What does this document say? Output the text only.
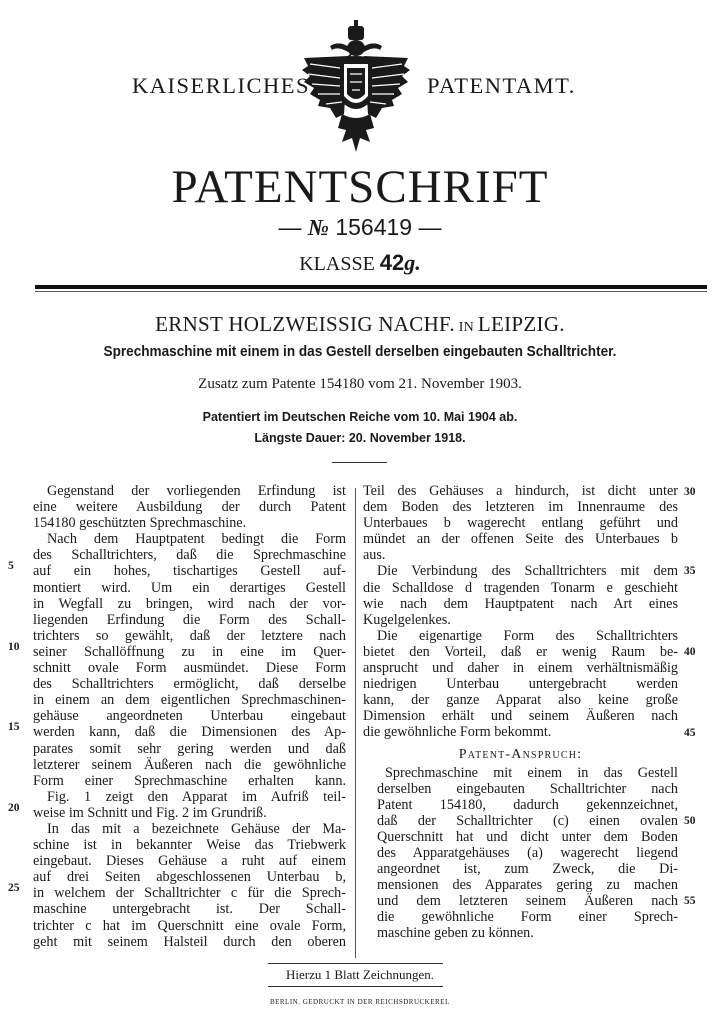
KAISERLICHES	PATENTAMT.
PATENTSCHRIFT
— № 156419 —
KLASSE 42g.
ERNST HOLZWEISSIG NACHF. IN LEIPZIG.
Sprechmaschine mit einem in das Gestell derselben eingebauten Schalltrichter.
Zusatz zum Patente 154180 vom 21. November 1903.
Patentiert im Deutschen Reiche vom 10. Mai 1904 ab.
Längste Dauer: 20. November 1918.
Gegenstand der vorliegenden Erfindung ist
eine weitere Ausbildung der durch Patent
154180 geschützten Sprechmaschine.
Nach dem Hauptpatent bedingt die Form
des Schalltrichters, daß die Sprechmaschine
auf ein hohes, tischartiges Gestell auf-
montiert wird. Um ein derartiges Gestell
in Wegfall zu bringen, wird nach der vor-
liegenden Erfindung die Form des Schall-
trichters so gewählt, daß der letztere nach
seiner Schallöffnung zu in eine im Quer-
schnitt ovale Form ausmündet. Diese Form
des Schalltrichters ermöglicht, daß derselbe
in einem an dem eigentlichen Sprechmaschinen-
gehäuse angeordneten Unterbau eingebaut
werden kann, daß die Dimensionen des Ap-
parates somit sehr gering werden und daß
letzterer seinem Äußeren nach die gewöhnliche
Form einer Sprechmaschine erhalten kann.
Fig. 1 zeigt den Apparat im Aufriß teil-
weise im Schnitt und Fig. 2 im Grundriß.
In das mit a bezeichnete Gehäuse der Ma-
schine ist in bekannter Weise das Triebwerk
eingebaut. Dieses Gehäuse a ruht auf einem
auf drei Seiten abgeschlossenen Unterbau b,
in welchem der Schalltrichter c für die Sprech-
maschine untergebracht ist. Der Schall-
trichter c hat im Querschnitt eine ovale Form,
geht mit seinem Halsteil durch den oberen
Teil des Gehäuses a hindurch, ist dicht unter
dem Boden des letzteren im Innenraume des
Unterbaues b wagerecht entlang geführt und
mündet an der offenen Seite des Unterbaues b
aus.
Die Verbindung des Schalltrichters mit dem
die Schalldose d tragenden Tonarm e geschieht
wie nach dem Hauptpatent nach Art eines
Kugelgelenkes.
Die eigenartige Form des Schalltrichters
bietet den Vorteil, daß er wenig Raum be-
ansprucht und daher in einem verhältnismäßig
niedrigen Unterbau untergebracht werden
kann, der ganze Apparat also keine große
Dimension erhält und seinem Äußeren nach
die gewöhnliche Form bekommt.
Patent-Anspruch:
Sprechmaschine mit einem in das Gestell
derselben eingebauten Schalltrichter nach
Patent 154180, dadurch gekennzeichnet,
daß der Schalltrichter (c) einen ovalen
Querschnitt hat und dicht unter dem Boden
des Apparatgehäuses (a) wagerecht liegend
angeordnet ist, zum Zweck, die Di-
mensionen des Apparates gering zu machen
und dem letzteren seinem Äußeren nach
die gewöhnliche Form einer Sprech-
maschine geben zu können.
5
10
15
20
25
30
35
40
45
50
55
Hierzu 1 Blatt Zeichnungen.
BERLIN. GEDRUCKT IN DER REICHSDRUCKEREI.
